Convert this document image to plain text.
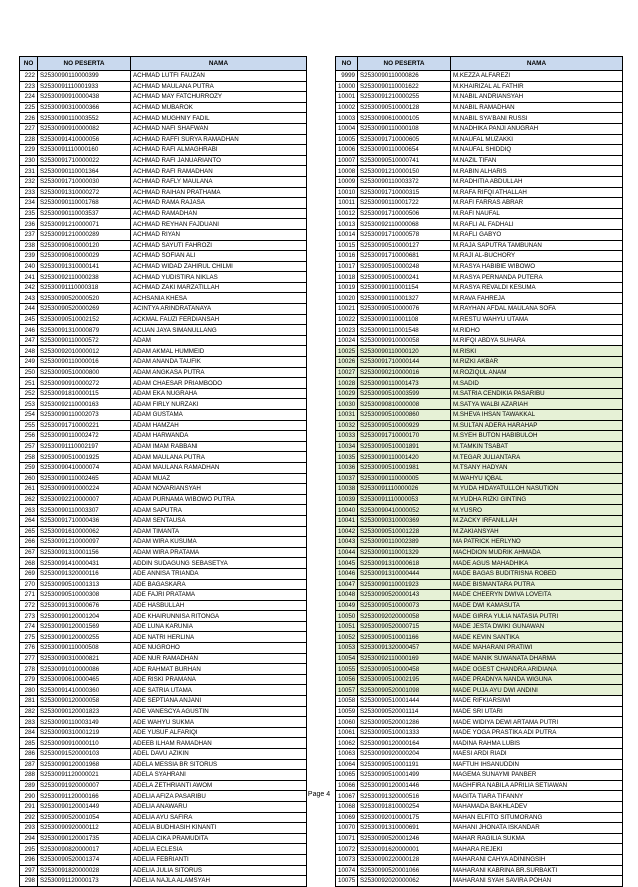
NO	NO PESERTA	NAMA
222	S2530090110000399	ACHMAD LUTFI FAUZAN
223	S2530091110001933	ACHMAD MAULANA PUTRA
224	S2530090910000438	ACHMAD MAY FATCHURROZY
225	S2530090310000366	ACHMAD MUBAROK
226	S2530090110003552	ACHMAD MUGHNIY FADIL
227	S2530090910000082	ACHMAD NAFI SHAFWAN
228	S2530091410000056	ACHMAD RAFFI SURYA RAMADHAN
229	S2530091110000160	ACHMAD RAFI ALMAGHRABI
230	S2530091710000022	ACHMAD RAFI JANUARIANTO
231	S2530090110001364	ACHMAD RAFI RAMADHAN
232	S2530091710000030	ACHMAD RAFLY MAULANA
233	S2530091310000272	ACHMAD RAIHAN PRATHAMA
234	S2530090110001768	ACHMAD RAMA RAJASA
235	S2530090110003537	ACHMAD RAMADHAN
236	S2530091210000071	ACHMAD REYHAN FAJDUANI
237	S2530091210000289	ACHMAD RIYAN
238	S2530090610000120	ACHMAD SAYUTI FAHROZI
239	S2530090610000029	ACHMAD SOFIAN ALI
240	S2530091310000141	ACHMAD WIDAD ZAHIRUL CHILMI
241	S2530092110000238	ACHMAD YUDISTIRA NIKLAS
242	S2530091110000318	ACHMAD ZAKI MARZATILLAH
243	S2530090520000520	ACHSANIA KHESA
244	S2530090520000269	ACINTYA ARINDRATANAYA
245	S2530090510002152	ACKMAL FAUZI FERDIANSAH
246	S2530091310000879	ACUAN JAYA SIMANULLANG
247	S2530090110000572	ADAM
248	S2530092010000012	ADAM AKMAL HUMMEID
249	S2530090110000016	ADAM ANANDA TAUFIK
250	S2530090510000800	ADAM ANGKASA PUTRA
251	S2530090910000272	ADAM CHAESAR PRIAMBODO
252	S2530091810000115	ADAM EKA NUGRAHA
253	S2530092110000163	ADAM FIRLY NURZAKI
254	S2530090110002073	ADAM GUSTAMA
255	S2530091710000221	ADAM HAMZAH
256	S2530090110002472	ADAM HARWANDA
257	S2530091110002197	ADAM IMAM RABBANI
258	S2530090510001925	ADAM MAULANA PUTRA
259	S2530090410000074	ADAM MAULANA RAMADHAN
260	S2530090110002465	ADAM MUAZ
261	S2530090910000224	ADAM NOVARIANSYAH
262	S2530092210000007	ADAM PURNAMA WIBOWO PUTRA
263	S2530090110003307	ADAM SAPUTRA
264	S2530091710000436	ADAM SENTAUSA
265	S2530091610000062	ADAM TIMANTA
266	S2530091210000097	ADAM WIRA KUSUMA
267	S2530091310001156	ADAM WIRA PRATAMA
268	S2530091410000431	ADDIN SUDAGUNG SEBASETYA
269	S2530091320000116	ADE ANNISA TRIANDA
270	S2530090510001313	ADE BAGASKARA
271	S2530090510000308	ADE FAJRI PRATAMA
272	S2530091310000676	ADE HASBULLAH
273	S2530090120001204	ADE KHAIRUNNISA RITONGA
274	S2530090120001569	ADE LUNA KARUNIA
275	S2530090120000255	ADE NATRI HERLINA
276	S2530090110000508	ADE NUGROHO
277	S2530090310000821	ADE NUR RAMADHAN
278	S2530091010000086	ADE RAHMAT BURHAN
279	S2530090610000465	ADE RISKI PRAMANA
280	S2530091410000360	ADE SATRIA UTAMA
281	S2530090120000058	ADE SEPTIANA ANJANI
282	S2530090120001823	ADE VANESCYA AGUSTIN
283	S2530090110003149	ADE WAHYU SUKMA
284	S2530090310001219	ADE YUSUF ALFARIQI
285	S2530090910000110	ADEEB ILHAM RAMADHAN
286	S2530091520000103	ADEL DAVU AZIKIN
287	S2530090120001968	ADELA MESSIA BR SITORUS
288	S2530091120000021	ADELA SYAHRANI
289	S2530091920000007	ADELA ZETHRIANTI AWOM
290	S2530091120000166	ADELIA AFIZA PASARIBU
291	S2530090120001449	ADELIA ANAWARU
292	S2530090520001054	ADELIA AYU SAFIRA
293	S2530090920000112	ADELIA BUDHIASIH KINANTI
294	S2530090120001735	ADELIA CIKA PRAMUDITA
295	S2530090820000017	ADELIA ECLESIA
296	S2530090520001374	ADELIA FEBRIANTI
297	S2530091820000028	ADELIA JULIA SITORUS
298	S2530091120000173	ADELIA NAJLA ALAMSYAH
NO	NO PESERTA	NAMA
9999	S2530090110000826	M.KEZZA ALFAREZI
10000	S2530090110001622	M.KHAIRIZAL AL FATHIR
10001	S2530091210000255	M.NABIL ANDRIANSYAH
10002	S2530090510000128	M.NABIL RAMADHAN
10003	S2530090610000105	M.NABIL SYA'BANI RUSSI
10004	S2530090110000108	M.NADHIKA PANJI ANUGRAH
10005	S2530091710000605	M.NAUFAL MUZAKKI
10006	S2530090110000654	M.NAUFAL SHIDDIQ
10007	S2530090510000741	M.NAZIL TIFAN
10008	S2530091210000150	M.RABIN ALHARIS
10009	S2530090110003372	M.RADHITIA ABDULLAH
10010	S2530091710000315	M.RAFA RIFQI ATHALLAH
10011	S2530090110001722	M.RAFI FARRAS ABRAR
10012	S2530091710000506	M.RAFI NAUFAL
10013	S2530092110000068	M.RAFLI AL FADHALI
10014	S2530091710000578	M.RAFLI GABYO
10015	S2530090510000127	M.RAJA SAPUTRA TAMBUNAN
10016	S2530091710000681	M.RAJI AL-BUCHORY
10017	S2530090510000248	M.RASYA HABIBIE WIBOWO
10018	S2530090510000241	M.RASYA PERNANDA PUTERA
10019	S2530090110001154	M.RASYA REVALDI KESUMA
10020	S2530090110001327	M.RAVA FAHREJA
10021	S2530090510000076	M.RAYHAN AFDAL MAULANA SOFA
10022	S2530090110001108	M.RESTU WAHYU UTAMA
10023	S2530090110001548	M.RIDHO
10024	S2530090910000058	M.RIFQI ABDYA SUHARA
10025	S2530090110000120	M.RISKI
10026	S2530091710000144	M.RIZKI AKBAR
10027	S2530090210000016	M.ROZIQUL ANAM
10028	S2530090110001473	M.SADID
10029	S2530090510003599	M.SATRIA CENDIKIA PASARIBU
10030	S2530090810000008	M.SATYA WALBI AZARIAH
10031	S2530090510000860	M.SHEVA IHSAN TAWAKKAL
10032	S2530090510000929	M.SULTAN ADERA HARAHAP
10033	S2530091710000170	M.SYEH BUTON HABIBULOH
10034	S2530090510001891	M.TAMKIN TSABAT
10035	S2530090110001420	M.TEGAR JULIANTARA
10036	S2530090510001981	M.TSANY HADYAN
10037	S2530090110000005	M.WAHYU IQBAL
10038	S2530091110000026	M.YUDA HIDAYATULLOH NASUTION
10039	S2530091110000053	M.YUDHA RIZKI GINTING
10040	S2530090410000052	M.YUSRO
10041	S2530090310000369	M.ZACKY IRFANILLAH
10042	S2530090510001228	M.ZAKIANSYAH
10043	S2530090110002389	MA PATRICK HERLYNO
10044	S2530090110001329	MACHDION MUDRIK AHMADA
10045	S2530091310000618	MADE AGUS MAHADHIKA
10046	S2530091310000444	MADE BAGAS BUDITRISNA ROBED
10047	S2530090110001923	MADE BISMANTARA PUTRA
10048	S2530090520000143	MADE CHEERYN DWIVA LOVEITA
10049	S2530090510000073	MADE DWI KAMASUTA
10050	S2530092020000058	MADE GIRRA YULIA NATASIA PUTRI
10051	S2530090520000715	MADE JESTA DWIKI GUNAWAN
10052	S2530090510001166	MADE KEVIN SANTIKA
10053	S2530091320000457	MADE MAHARANI PRATIWI
10054	S2530092110000169	MADE MANIK SUWANATA DHARMA
10055	S2530090510000458	MADE OGEST CHANDRA ARIDIANA
10056	S2530090510002195	MADE PRADNYA NANDA WIGUNA
10057	S2530090520001098	MADE PUJA AYU DWI ANDINI
10058	S2530090510001444	MADE RIFKIARSIWI
10059	S2530090520001114	MADE SRI UTARI
10060	S2530090520001286	MADE WIDIYA DEWI ARTAMA PUTRI
10061	S2530090510001333	MADE YOGA PRASTIKA ADI PUTRA
10062	S2530090120000164	MADINA RAHMA LUBIS
10063	S2530090920000204	MAESI ARDI RIADI
10064	S2530090510001191	MAFTUH IHSANUDDIN
10065	S2530090510001499	MAGEMA SUNAYMI PANBER
10066	S2530090120001446	MAGHFIRA NABILA APRILIA SETIAWAN
10067	S2530091320000516	MAGITA TIARA TIFANNY
10068	S2530091810000254	MAHAMADA BAKHLADEV
10069	S2530092010000175	MAHAN ELFITO SITUMORANG
10070	S2530091310000691	MAHANI JHONATA ISKANDAR
10071	S2530090520001246	MAHAR RAGILIA SUKMA
10072	S2530091620000001	MAHARA REJEKI
10073	S2530090220000128	MAHARANI CAHYA ADININGSIH
10074	S2530090520001066	MAHARANI KABRINA BR.SURBAKTI
10075	S2530092020000062	MAHARANI SYAH SAVIRA POHAN
Page 4
